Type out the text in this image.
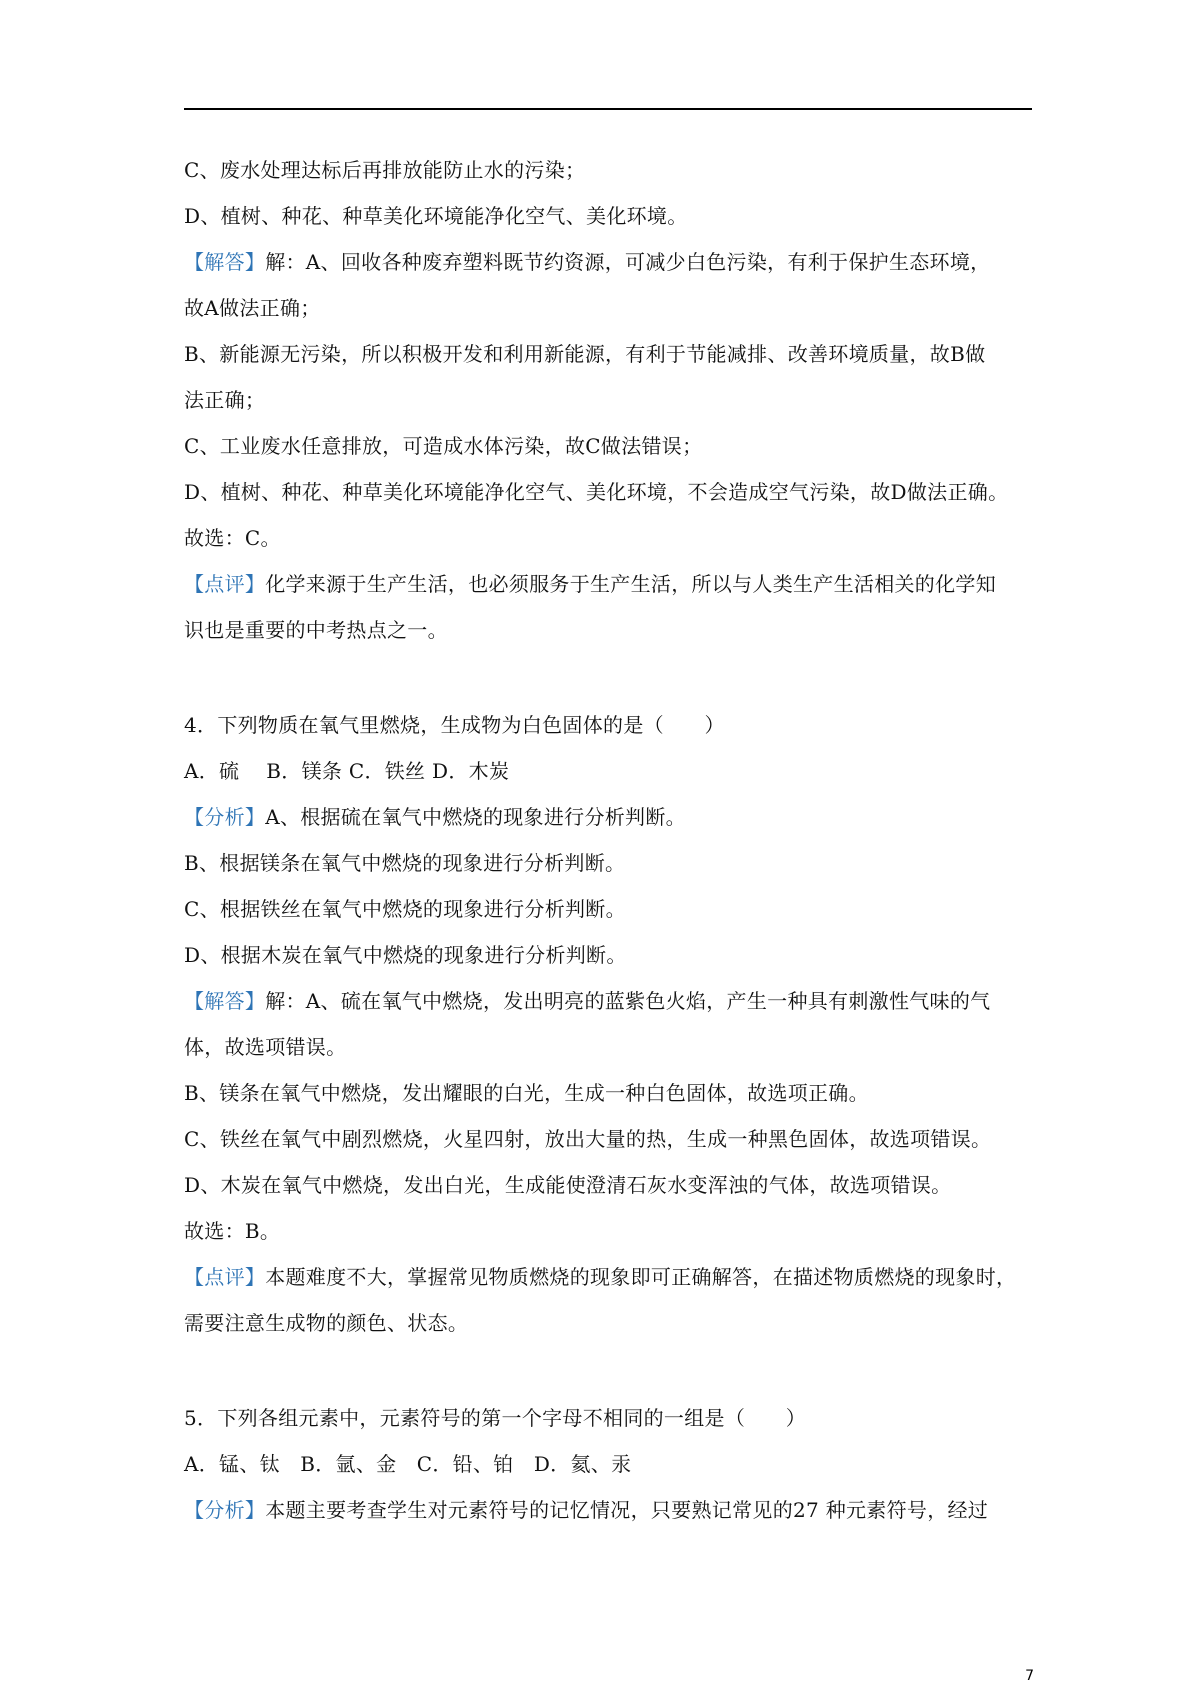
C、废水处理达标后再排放能防止水的污染；
D、植树、种花、种草美化环境能净化空气、美化环境。
【解答】解：A、回收各种废弃塑料既节约资源，可减少白色污染，有利于保护生态环境，
故A做法正确；
B、新能源无污染，所以积极开发和利用新能源，有利于节能减排、改善环境质量，故B做
法正确；
C、工业废水任意排放，可造成水体污染，故C做法错误；
D、植树、种花、种草美化环境能净化空气、美化环境，不会造成空气污染，故D做法正确。
故选：C。
【点评】化学来源于生产生活，也必须服务于生产生活，所以与人类生产生活相关的化学知
识也是重要的中考热点之一。
4．下列物质在氧气里燃烧，生成物为白色固体的是（　　）
A．硫　 B．镁条 C．铁丝 D．木炭
【分析】A、根据硫在氧气中燃烧的现象进行分析判断。
B、根据镁条在氧气中燃烧的现象进行分析判断。
C、根据铁丝在氧气中燃烧的现象进行分析判断。
D、根据木炭在氧气中燃烧的现象进行分析判断。
【解答】解：A、硫在氧气中燃烧，发出明亮的蓝紫色火焰，产生一种具有刺激性气味的气
体，故选项错误。
B、镁条在氧气中燃烧，发出耀眼的白光，生成一种白色固体，故选项正确。
C、铁丝在氧气中剧烈燃烧，火星四射，放出大量的热，生成一种黑色固体，故选项错误。
D、木炭在氧气中燃烧，发出白光，生成能使澄清石灰水变浑浊的气体，故选项错误。
故选：B。
【点评】本题难度不大，掌握常见物质燃烧的现象即可正确解答，在描述物质燃烧的现象时，
需要注意生成物的颜色、状态。
5．下列各组元素中，元素符号的第一个字母不相同的一组是（　　）
A．锰、钛　B．氩、金　C．铅、铂　D．氦、汞
【分析】本题主要考查学生对元素符号的记忆情况，只要熟记常见的27 种元素符号，经过
7
